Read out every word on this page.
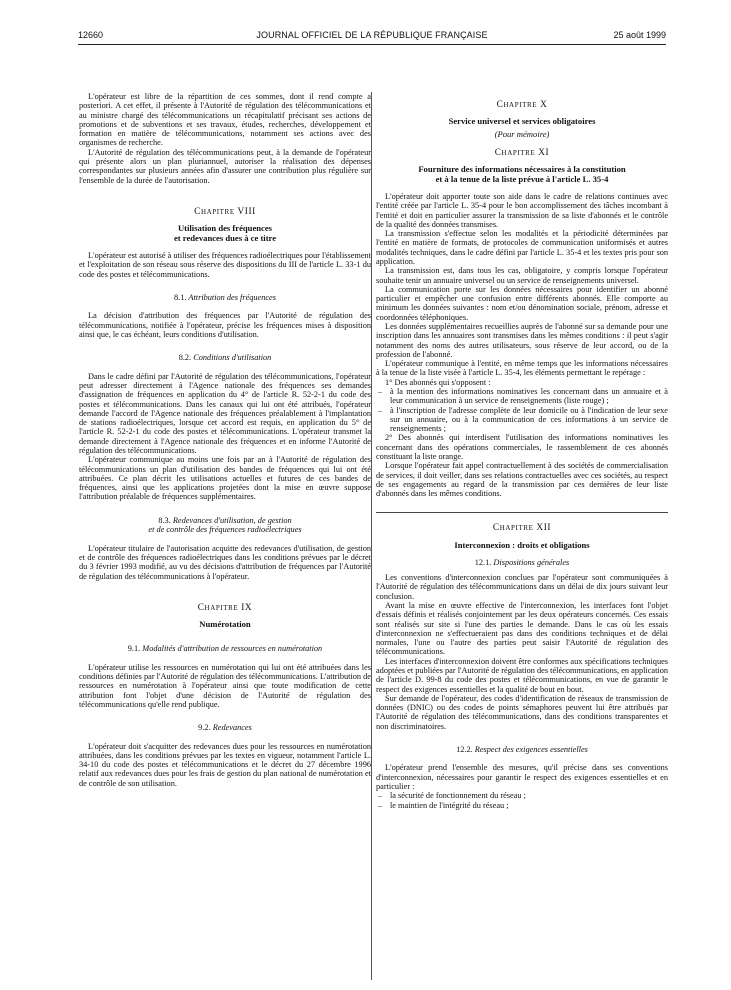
12660	JOURNAL OFFICIEL DE LA RÉPUBLIQUE FRANÇAISE	25 août 1999

L'opérateur est libre de la répartition de ces sommes, dont il rend compte a posteriori. A cet effet, il présente à l'Autorité de régulation des télécommunications et au ministre chargé des télécommunications un récapitulatif précisant ses actions de promotions et de subventions et ses travaux, études, recherches, développement et formation en matière de télécommunications, notamment ses actions avec des organismes de recherche.

L'Autorité de régulation des télécommunications peut, à la demande de l'opérateur qui présente alors un plan pluriannuel, autoriser la réalisation des dépenses correspondantes sur plusieurs années afin d'assurer une contribution plus régulière sur l'ensemble de la durée de l'autorisation.

Chapitre VIII
Utilisation des fréquences
et redevances dues à ce titre

L'opérateur est autorisé à utiliser des fréquences radioélectriques pour l'établissement et l'exploitation de son réseau sous réserve des dispositions du III de l'article L. 33-1 du code des postes et télécommunications.

8.1. Attribution des fréquences

La décision d'attribution des fréquences par l'Autorité de régulation des télécommunications, notifiée à l'opérateur, précise les fréquences mises à disposition ainsi que, le cas échéant, leurs conditions d'utilisation.

8.2. Conditions d'utilisation

Dans le cadre défini par l'Autorité de régulation des télécommunications, l'opérateur peut adresser directement à l'Agence nationale des fréquences ses demandes d'assignation de fréquences en application du 4° de l'article R. 52-2-1 du code des postes et télécommunications. Dans les canaux qui lui ont été attribués, l'opérateur demande l'accord de l'Agence nationale des fréquences préalablement à l'implantation de stations radioélectriques, lorsque cet accord est requis, en application du 5° de l'article R. 52-2-1 du code des postes et télécommunications. L'opérateur transmet la demande directement à l'Agence nationale des fréquences et en informe l'Autorité de régulation des télécommunications.

L'opérateur communique au moins une fois par an à l'Autorité de régulation des télécommunications un plan d'utilisation des bandes de fréquences qui lui ont été attribuées. Ce plan décrit les utilisations actuelles et futures de ces bandes de fréquences, ainsi que les applications projetées dont la mise en œuvre suppose l'attribution préalable de fréquences supplémentaires.

8.3. Redevances d'utilisation, de gestion
et de contrôle des fréquences radioélectriques

L'opérateur titulaire de l'autorisation acquitte des redevances d'utilisation, de gestion et de contrôle des fréquences radioélectriques dans les conditions prévues par le décret du 3 février 1993 modifié, au vu des décisions d'attribution de fréquences par l'Autorité de régulation des télécommunications à l'opérateur.

Chapitre IX
Numérotation
9.1. Modalités d'attribution de ressources en numérotation

L'opérateur utilise les ressources en numérotation qui lui ont été attribuées dans les conditions définies par l'Autorité de régulation des télécommunications. L'attribution de ressources en numérotation à l'opérateur ainsi que toute modification de cette attribution font l'objet d'une décision de l'Autorité de régulation des télécommunications qu'elle rend publique.

9.2. Redevances

L'opérateur doit s'acquitter des redevances dues pour les ressources en numérotation attribuées, dans les conditions prévues par les textes en vigueur, notamment l'article L. 34-10 du code des postes et télécommunications et le décret du 27 décembre 1996 relatif aux redevances dues pour les frais de gestion du plan national de numérotation et de contrôle de son utilisation.

Chapitre X
Service universel et services obligatoires
(Pour mémoire)
Chapitre XI
Fourniture des informations nécessaires à la constitution
et à la tenue de la liste prévue à l'article L. 35-4

L'opérateur doit apporter toute son aide dans le cadre de relations continues avec l'entité créée par l'article L. 35-4 pour le bon accomplissement des tâches incombant à l'entité et doit en particulier assurer la transmission de sa liste d'abonnés et le contrôle de la qualité des données transmises.

La transmission s'effectue selon les modalités et la périodicité déterminées par l'entité en matière de formats, de protocoles de communication uniformisés et autres modalités techniques, dans le cadre défini par l'article L. 35-4 et les textes pris pour son application.

La transmission est, dans tous les cas, obligatoire, y compris lorsque l'opérateur souhaite tenir un annuaire universel ou un service de renseignements universel.

La communication porte sur les données nécessaires pour identifier un abonné particulier et empêcher une confusion entre différents abonnés. Elle comporte au minimum les données suivantes : nom et/ou dénomination sociale, prénom, adresse et coordonnées téléphoniques.

Les données supplémentaires recueillies auprès de l'abonné sur sa demande pour une inscription dans les annuaires sont transmises dans les mêmes conditions : il peut s'agir notamment des noms des autres utilisateurs, sous réserve de leur accord, ou de la profession de l'abonné.

L'opérateur communique à l'entité, en même temps que les informations nécessaires à la tenue de la liste visée à l'article L. 35-4, les éléments permettant le repérage :

1° Des abonnés qui s'opposent :

– à la mention des informations nominatives les concernant dans un annuaire et à leur communication à un service de renseignements (liste rouge) ;
– à l'inscription de l'adresse complète de leur domicile ou à l'indication de leur sexe sur un annuaire, ou à la communication de ces informations à un service de renseignements ;

2° Des abonnés qui interdisent l'utilisation des informations nominatives les concernant dans des opérations commerciales, le rassemblement de ces abonnés constituant la liste orange.

Lorsque l'opérateur fait appel contractuellement à des sociétés de commercialisation de services, il doit veiller, dans ses relations contractuelles avec ces sociétés, au respect de ses engagements au regard de la transmission par ces dernières de leur liste d'abonnés dans les mêmes conditions.

Chapitre XII
Interconnexion : droits et obligations
12.1. Dispositions générales

Les conventions d'interconnexion conclues par l'opérateur sont communiquées à l'Autorité de régulation des télécommunications dans un délai de dix jours suivant leur conclusion.

Avant la mise en œuvre effective de l'interconnexion, les interfaces font l'objet d'essais définis et réalisés conjointement par les deux opérateurs concernés. Ces essais sont réalisés sur site si l'une des parties le demande. Dans le cas où les essais d'interconnexion ne s'effectueraient pas dans des conditions techniques et de délai normales, l'une ou l'autre des parties peut saisir l'Autorité de régulation des télécommunications.

Les interfaces d'interconnexion doivent être conformes aux spécifications techniques adoptées et publiées par l'Autorité de régulation des télécommunications, en application de l'article D. 99-8 du code des postes et télécommunications, en vue de garantir le respect des exigences essentielles et la qualité de bout en bout.

Sur demande de l'opérateur, des codes d'identification de réseaux de transmission de données (DNIC) ou des codes de points sémaphores peuvent lui être attribués par l'Autorité de régulation des télécommunications, dans des conditions transparentes et non discriminatoires.

12.2. Respect des exigences essentielles

L'opérateur prend l'ensemble des mesures, qu'il précise dans ses conventions d'interconnexion, nécessaires pour garantir le respect des exigences essentielles et en particulier :

– la sécurité de fonctionnement du réseau ;
– le maintien de l'intégrité du réseau ;
